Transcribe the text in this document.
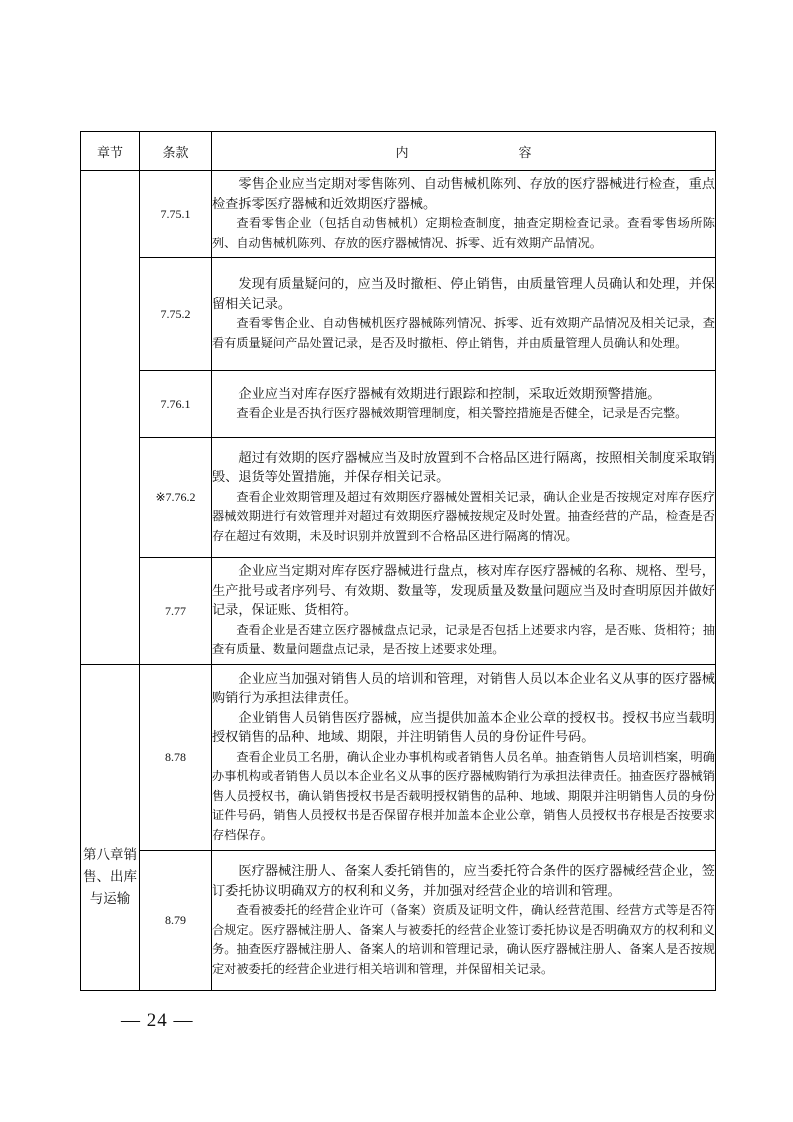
章节	条款	内　　容
	7.75.1	零售企业应当定期对零售陈列、自动售械机陈列、存放的医疗器械进行检查，重点检查拆零医疗器械和近效期医疗器械。

查看零售企业（包括自动售械机）定期检查制度，抽查定期检查记录。查看零售场所陈列、自动售械机陈列、存放的医疗器械情况、拆零、近有效期产品情况。

	7.75.2	发现有质量疑问的，应当及时撤柜、停止销售，由质量管理人员确认和处理，并保留相关记录。

查看零售企业、自动售械机医疗器械陈列情况、拆零、近有效期产品情况及相关记录，查看有质量疑问产品处置记录，是否及时撤柜、停止销售，并由质量管理人员确认和处理。

	7.76.1	企业应当对库存医疗器械有效期进行跟踪和控制，采取近效期预警措施。

查看企业是否执行医疗器械效期管理制度，相关警控措施是否健全，记录是否完整。

	※7.76.2	超过有效期的医疗器械应当及时放置到不合格品区进行隔离，按照相关制度采取销毁、退货等处置措施，并保存相关记录。

查看企业效期管理及超过有效期医疗器械处置相关记录，确认企业是否按规定对库存医疗器械效期进行有效管理并对超过有效期医疗器械按规定及时处置。抽查经营的产品，检查是否存在超过有效期，未及时识别并放置到不合格品区进行隔离的情况。

	7.77	企业应当定期对库存医疗器械进行盘点，核对库存医疗器械的名称、规格、型号，生产批号或者序列号、有效期、数量等，发现质量及数量问题应当及时查明原因并做好记录，保证账、货相符。

查看企业是否建立医疗器械盘点记录，记录是否包括上述要求内容，是否账、货相符；抽查有质量、数量问题盘点记录，是否按上述要求处理。

第八章销售、出库与运输	8.78	企业应当加强对销售人员的培训和管理，对销售人员以本企业名义从事的医疗器械购销行为承担法律责任。

企业销售人员销售医疗器械，应当提供加盖本企业公章的授权书。授权书应当载明授权销售的品种、地域、期限，并注明销售人员的身份证件号码。

查看企业员工名册，确认企业办事机构或者销售人员名单。抽查销售人员培训档案，明确办事机构或者销售人员以本企业名义从事的医疗器械购销行为承担法律责任。抽查医疗器械销售人员授权书，确认销售授权书是否载明授权销售的品种、地域、期限并注明销售人员的身份证件号码，销售人员授权书是否保留存根并加盖本企业公章，销售人员授权书存根是否按要求存档保存。

	8.79	医疗器械注册人、备案人委托销售的，应当委托符合条件的医疗器械经营企业，签订委托协议明确双方的权利和义务，并加强对经营企业的培训和管理。

查看被委托的经营企业许可（备案）资质及证明文件，确认经营范围、经营方式等是否符合规定。医疗器械注册人、备案人与被委托的经营企业签订委托协议是否明确双方的权利和义务。抽查医疗器械注册人、备案人的培训和管理记录，确认医疗器械注册人、备案人是否按规定对被委托的经营企业进行相关培训和管理，并保留相关记录。

— 24 —
